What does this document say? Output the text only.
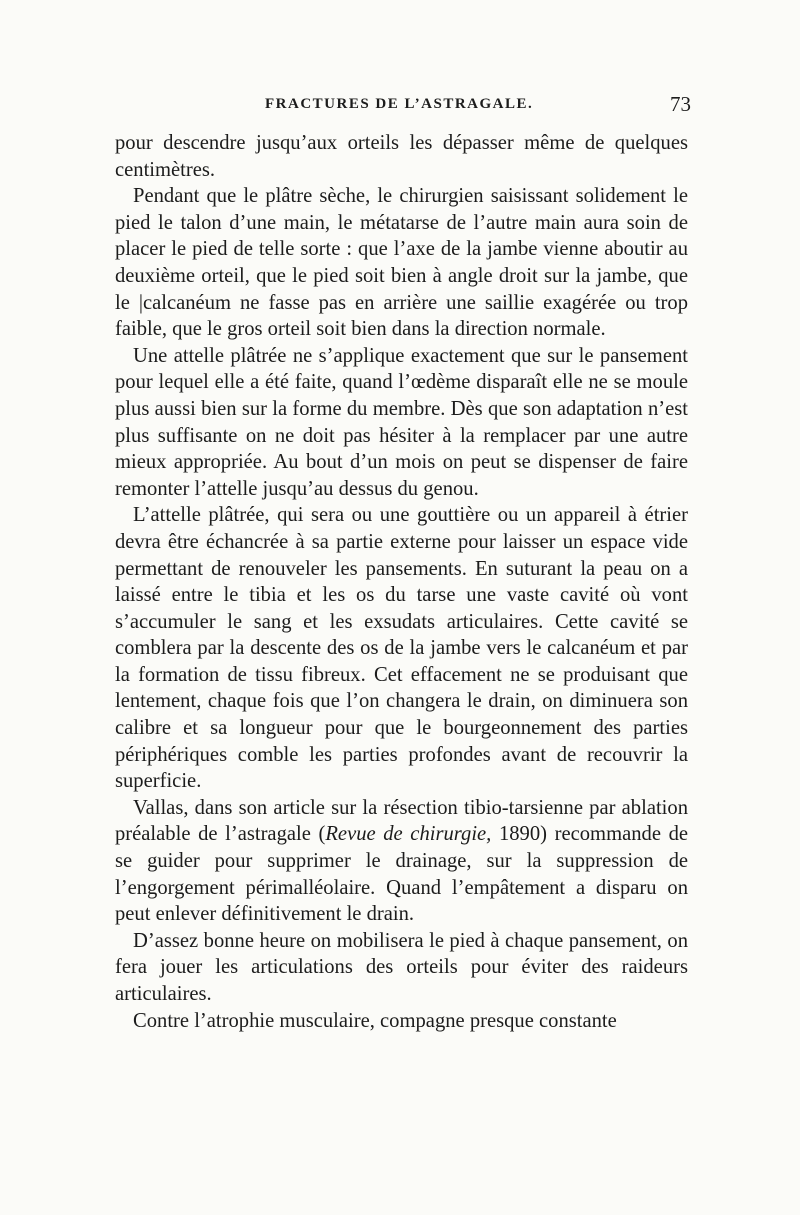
FRACTURES DE L’ASTRAGALE.	73

pour descendre jusqu’aux orteils les dépasser même de quelques centimètres.

Pendant que le plâtre sèche, le chirurgien saisissant solidement le pied le talon d’une main, le métatarse de l’autre main aura soin de placer le pied de telle sorte : que l’axe de la jambe vienne aboutir au deuxième orteil, que le pied soit bien à angle droit sur la jambe, que le |calcanéum ne fasse pas en arrière une saillie exagérée ou trop faible, que le gros orteil soit bien dans la direction normale.

Une attelle plâtrée ne s’applique exactement que sur le pansement pour lequel elle a été faite, quand l’œdème disparaît elle ne se moule plus aussi bien sur la forme du membre. Dès que son adaptation n’est plus suffisante on ne doit pas hésiter à la remplacer par une autre mieux appropriée. Au bout d’un mois on peut se dispenser de faire remonter l’attelle jusqu’au dessus du genou.

L’attelle plâtrée, qui sera ou une gouttière ou un appareil à étrier devra être échancrée à sa partie externe pour laisser un espace vide permettant de renouveler les pansements. En suturant la peau on a laissé entre le tibia et les os du tarse une vaste cavité où vont s’accumuler le sang et les exsudats articulaires. Cette cavité se comblera par la descente des os de la jambe vers le calcanéum et par la formation de tissu fibreux. Cet effacement ne se produisant que lentement, chaque fois que l’on changera le drain, on diminuera son calibre et sa longueur pour que le bourgeonnement des parties périphériques comble les parties profondes avant de recouvrir la superficie.

Vallas, dans son article sur la résection tibio-tarsienne par ablation préalable de l’astragale (Revue de chirurgie, 1890) recommande de se guider pour supprimer le drainage, sur la suppression de l’engorgement périmalléolaire. Quand l’empâtement a disparu on peut enlever définitivement le drain.

D’assez bonne heure on mobilisera le pied à chaque pansement, on fera jouer les articulations des orteils pour éviter des raideurs articulaires.

Contre l’atrophie musculaire, compagne presque constante
